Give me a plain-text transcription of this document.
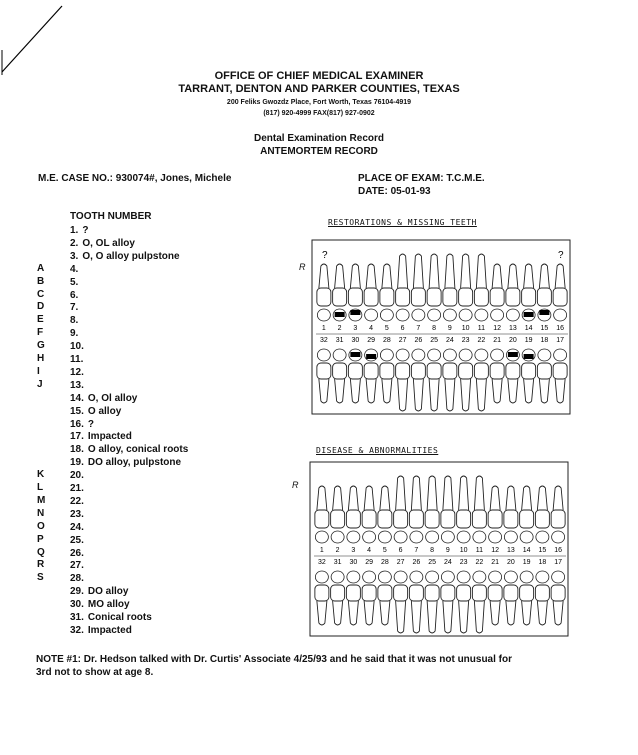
OFFICE OF CHIEF MEDICAL EXAMINER
TARRANT, DENTON AND PARKER COUNTIES, TEXAS
200 Feliks Gwozdz Place, Fort Worth, Texas 76104-4919
(817) 920-4999 FAX(817) 927-0902
Dental Examination Record
ANTEMORTEM RECORD
M.E. CASE NO.: 930074#, Jones, Michele	PLACE OF EXAM: T.C.M.E.
DATE: 05-01-93
TOOTH NUMBER
1. ?
2. O, OL alloy
3. O, O alloy pulpstone
4.
5.
6.
7.
8.
9.
10.
11.
12.
13.
14. O, Ol alloy
15. O alloy
16. ?
17. Impacted
18. O alloy, conical roots
19. DO alloy, pulpstone
20.
21.
22.
23.
24.
25.
26.
27.
28.
29. DO alloy
30. MO alloy
31. Conical roots
32. Impacted
A
B
C
D
E
F
G
H
I
J
K
L
M
N
O
P
Q
R
S
RESTORATIONS & MISSING TEETH
R
1 2 3 4 5 6 7 8 9 10 11 12 13 14 15 16
32 31 30 29 28 27 26 25 24 23 22 21 20 19 18 17
?	?
DISEASE & ABNORMALITIES
R
1 2 3 4 5 6 7 8 9 10 11 12 13 14 15 16
32 31 30 29 28 27 26 25 24 23 22 21 20 19 18 17
NOTE #1: Dr. Hedson talked with Dr. Curtis' Associate 4/25/93 and he said that it was not unusual for
3rd not to show at age 8.
